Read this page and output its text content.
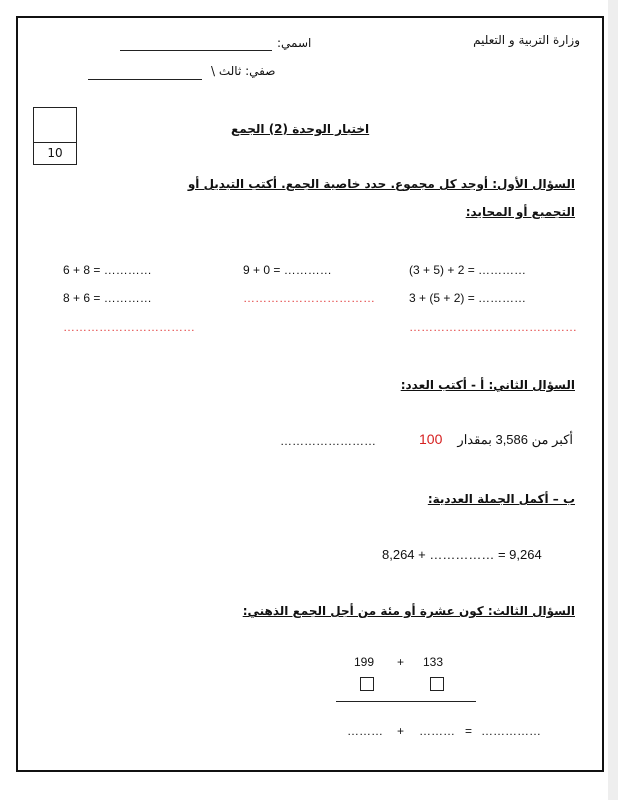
وزارة التربية و التعليم
اسمي:
صفي: ثالث \
10
اختبار الوحدة (2) الجمع
السؤال الأول: أوجد كل مجموع. حدد خاصية الجمع. أكتب التبديل أو
التجميع أو المحايد:
6 + 8 = …………
8 + 6 = …………
……………………………
9 + 0 = …………
……………………………
(3 + 5) + 2 = …………
3 + (5 + 2) = …………
……………………………………
السؤال الثاني: أ - أكتب العدد:
أكبر من 3,586 بمقدار
100
……………………
ب – أكمل الجملة العددية:
8,264 + …………… = 9,264
السؤال الثالث: كون عشرة أو مئة من أجل الجمع الذهني:
199 + 133
……… + ……… = ……………
